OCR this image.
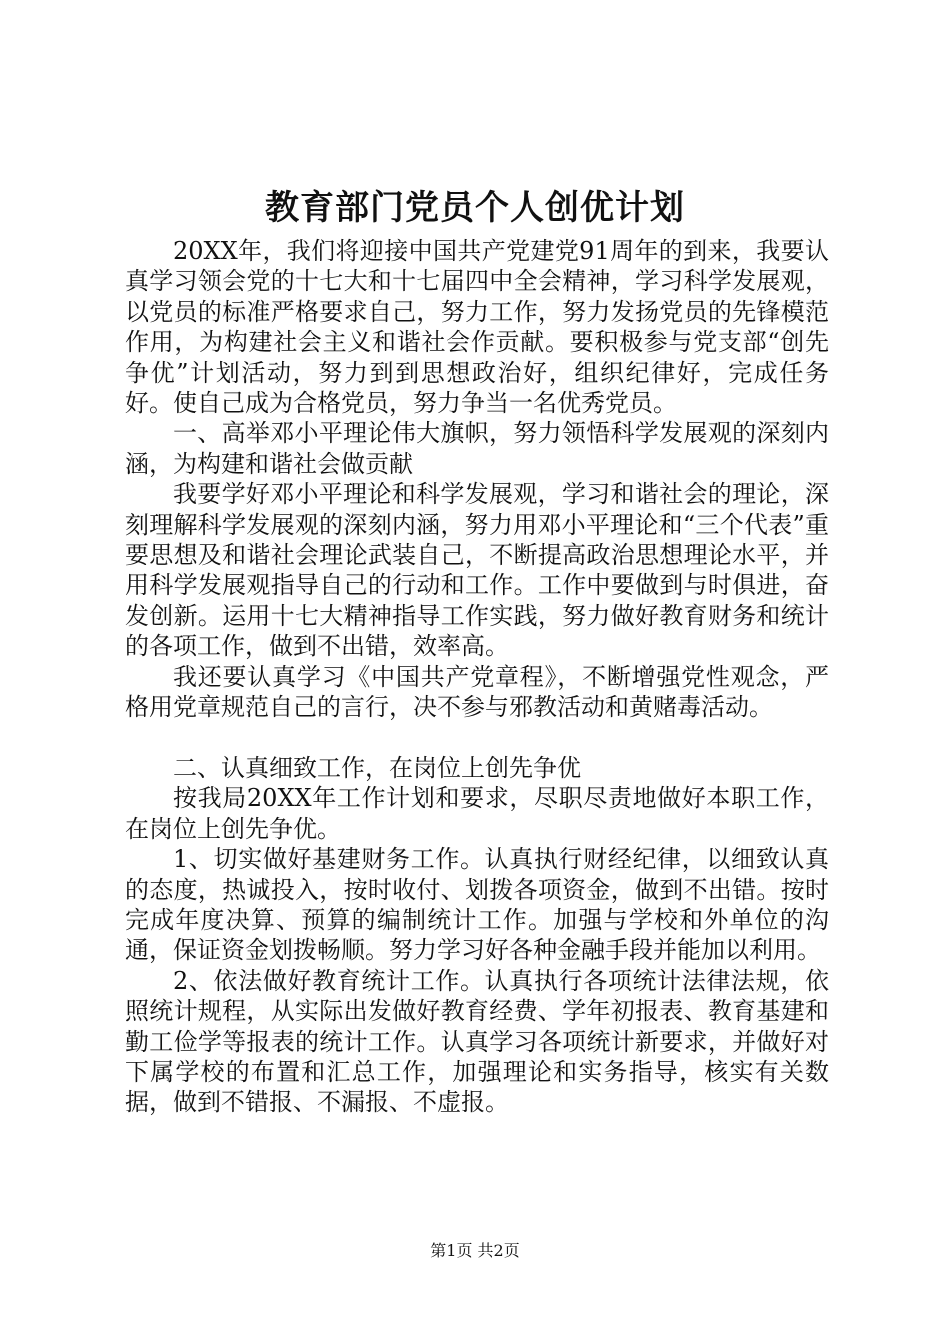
教育部门党员个人创优计划

20XX年，我们将迎接中国共产党建党91周年的到来，我要认真学习领会党的十七大和十七届四中全会精神，学习科学发展观，以党员的标准严格要求自己，努力工作，努力发扬党员的先锋模范作用，为构建社会主义和谐社会作贡献。要积极参与党支部“创先争优”计划活动，努力到到思想政治好，组织纪律好，完成任务好。使自己成为合格党员，努力争当一名优秀党员。

一、高举邓小平理论伟大旗帜，努力领悟科学发展观的深刻内涵，为构建和谐社会做贡献

我要学好邓小平理论和科学发展观，学习和谐社会的理论，深刻理解科学发展观的深刻内涵，努力用邓小平理论和“三个代表”重要思想及和谐社会理论武装自己，不断提高政治思想理论水平，并用科学发展观指导自己的行动和工作。工作中要做到与时俱进，奋发创新。运用十七大精神指导工作实践，努力做好教育财务和统计的各项工作，做到不出错，效率高。

我还要认真学习《中国共产党章程》，不断增强党性观念，严格用党章规范自己的言行，决不参与邪教活动和黄赌毒活动。

二、认真细致工作，在岗位上创先争优

按我局20XX年工作计划和要求，尽职尽责地做好本职工作，在岗位上创先争优。

1、切实做好基建财务工作。认真执行财经纪律，以细致认真的态度，热诚投入，按时收付、划拨各项资金，做到不出错。按时完成年度决算、预算的编制统计工作。加强与学校和外单位的沟通，保证资金划拨畅顺。努力学习好各种金融手段并能加以利用。

2、依法做好教育统计工作。认真执行各项统计法律法规，依照统计规程，从实际出发做好教育经费、学年初报表、教育基建和勤工俭学等报表的统计工作。认真学习各项统计新要求，并做好对下属学校的布置和汇总工作，加强理论和实务指导，核实有关数据，做到不错报、不漏报、不虚报。

第1页 共2页
